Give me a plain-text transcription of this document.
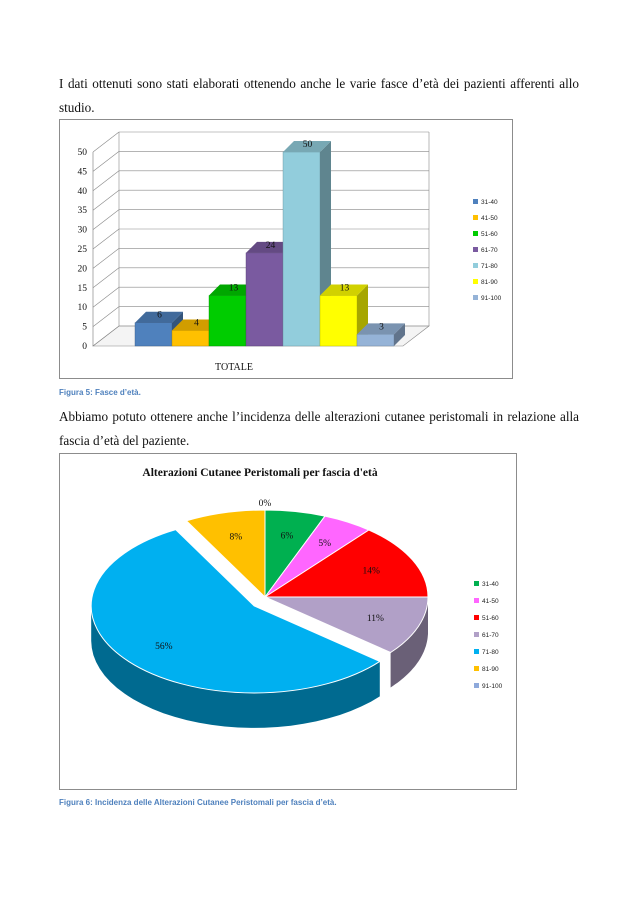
I dati ottenuti sono stati elaborati ottenendo anche le varie fasce d’età dei pazienti afferenti allo studio.

0
5
10
15
20
25
30
35
40
45
50
6
4
13
24
50
13
3
TOTALE
31-40
41-50
51-60
61-70
71-80
81-90
91-100
Figura 5: Fasce d’età.

Abbiamo potuto ottenere anche l’incidenza delle alterazioni cutanee peristomali in relazione alla fascia d’età del paziente.

Alterazioni Cutanee Peristomali per fascia d'età
6%
5%
14%
11%
56%
8%
0%
31-40
41-50
51-60
61-70
71-80
81-90
91-100
Figura 6: Incidenza delle Alterazioni Cutanee Peristomali per fascia d’età.
